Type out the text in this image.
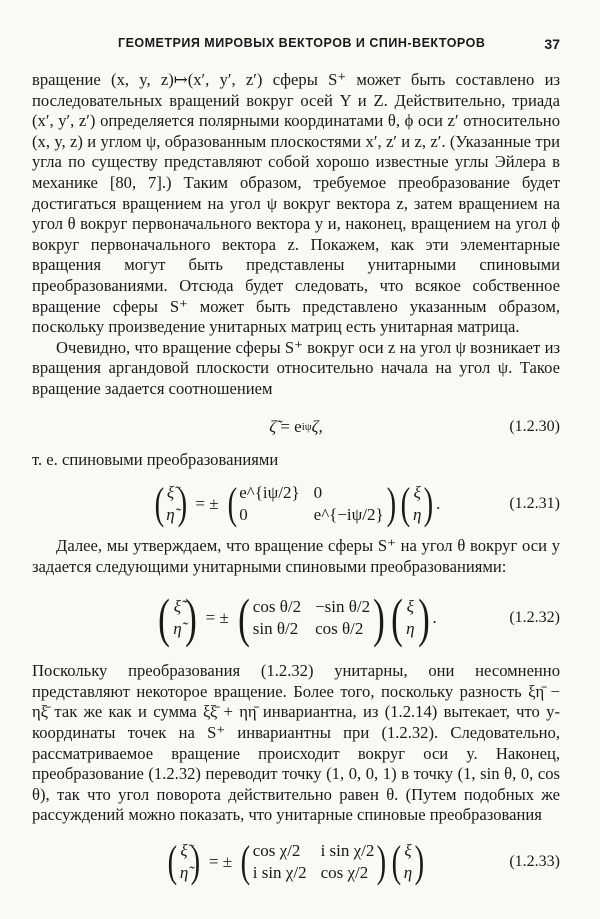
ГЕОМЕТРИЯ МИРОВЫХ ВЕКТОРОВ И СПИН-ВЕКТОРОВ	37

вращение (x, y, z)↦(x′, y′, z′) сферы S⁺ может быть составлено из последовательных вращений вокруг осей Y и Z. Действительно, триада (x′, y′, z′) определяется полярными координатами θ, ϕ оси z′ относительно (x, y, z) и углом ψ, образованным плоскостями x′, z′ и z, z′. (Указанные три угла по существу представляют собой хорошо известные углы Эйлера в механике [80, 7].) Таким образом, требуемое преобразование будет достигаться вращением на угол ψ вокруг вектора z, затем вращением на угол θ вокруг первоначального вектора y и, наконец, вращением на угол ϕ вокруг первоначального вектора z. Покажем, как эти элементарные вращения могут быть представлены унитарными спиновыми преобразованиями. Отсюда будет следовать, что всякое собственное вращение сферы S⁺ может быть представлено указанным образом, поскольку произведение унитарных матриц есть унитарная матрица.

Очевидно, что вращение сферы S⁺ вокруг оси z на угол ψ возникает из вращения аргандовой плоскости относительно начала на угол ψ. Такое вращение задается соотношением

ζ̃ = e iψ ζ,	(1.2.30)

т. е. спиновыми преобразованиями

( ξ̃
η̃ ) = ± ( e^{iψ/2} 0
0	e^{−iψ/2} ) ( ξ
η ) .	(1.2.31)

Далее, мы утверждаем, что вращение сферы S⁺ на угол θ вокруг оси y задается следующими унитарными спиновыми преобразованиями:

( ξ̃
η̃ ) = ± ( cos θ/2 −sin θ/2
sin θ/2 cos θ/2 ) ( ξ
η ) .	(1.2.32)

Поскольку преобразования (1.2.32) унитарны, они несомненно представляют некоторое вращение. Более того, поскольку разность ξη̄ − ηξ̄ так же как и сумма ξξ̄ + ηη̄ инвариантна, из (1.2.14) вытекает, что y-координаты точек на S⁺ инвариантны при (1.2.32). Следовательно, рассматриваемое вращение происходит вокруг оси y. Наконец, преобразование (1.2.32) переводит точку (1, 0, 0, 1) в точку (1, sin θ, 0, cos θ), так что угол поворота действительно равен θ. (Путем подобных же рассуждений можно показать, что унитарные спиновые преобразования

( ξ̃
η̃ ) = ± ( cos χ/2	i sin χ/2
i sin χ/2 cos χ/2 ) ( ξ
η )	(1.2.33)
